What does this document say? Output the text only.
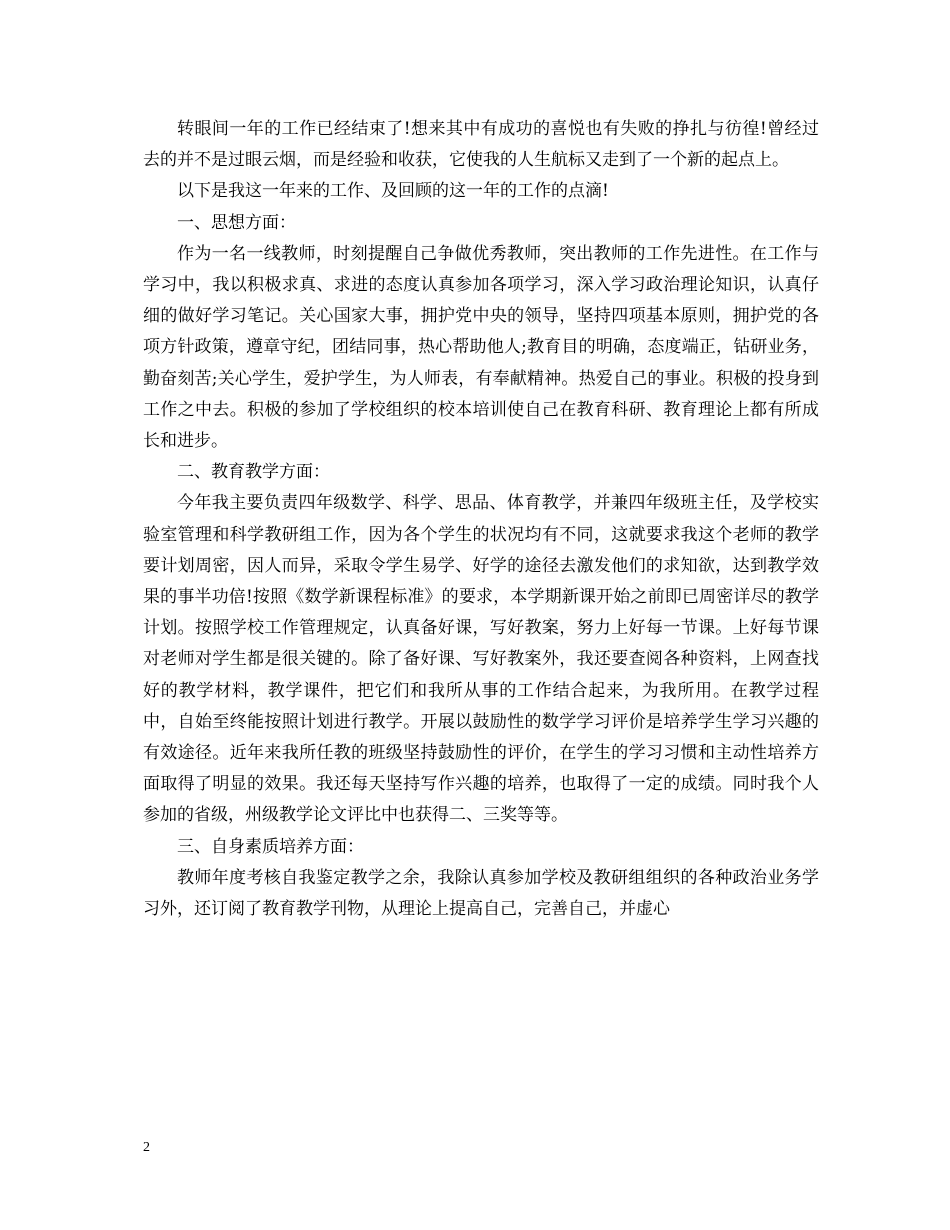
转眼间一年的工作已经结束了!想来其中有成功的喜悦也有失败的挣扎与彷徨!曾经过去的并不是过眼云烟，而是经验和收获，它使我的人生航标又走到了一个新的起点上。

以下是我这一年来的工作、及回顾的这一年的工作的点滴!

一、思想方面：

作为一名一线教师，时刻提醒自己争做优秀教师，突出教师的工作先进性。在工作与学习中，我以积极求真、求进的态度认真参加各项学习，深入学习政治理论知识，认真仔细的做好学习笔记。关心国家大事，拥护党中央的领导，坚持四项基本原则，拥护党的各项方针政策，遵章守纪，团结同事，热心帮助他人;教育目的明确，态度端正，钻研业务，勤奋刻苦;关心学生，爱护学生，为人师表，有奉献精神。热爱自己的事业。积极的投身到工作之中去。积极的参加了学校组织的校本培训使自己在教育科研、教育理论上都有所成长和进步。

二、教育教学方面：

今年我主要负责四年级数学、科学、思品、体育教学，并兼四年级班主任，及学校实验室管理和科学教研组工作，因为各个学生的状况均有不同，这就要求我这个老师的教学要计划周密，因人而异，采取令学生易学、好学的途径去激发他们的求知欲，达到教学效果的事半功倍!按照《数学新课程标准》的要求，本学期新课开始之前即已周密详尽的教学计划。按照学校工作管理规定，认真备好课，写好教案，努力上好每一节课。上好每节课对老师对学生都是很关键的。除了备好课、写好教案外，我还要查阅各种资料，上网查找好的教学材料，教学课件，把它们和我所从事的工作结合起来，为我所用。在教学过程中，自始至终能按照计划进行教学。开展以鼓励性的数学学习评价是培养学生学习兴趣的有效途径。近年来我所任教的班级坚持鼓励性的评价，在学生的学习习惯和主动性培养方面取得了明显的效果。我还每天坚持写作兴趣的培养，也取得了一定的成绩。同时我个人参加的省级，州级教学论文评比中也获得二、三奖等等。

三、自身素质培养方面：

教师年度考核自我鉴定教学之余，我除认真参加学校及教研组组织的各种政治业务学习外，还订阅了教育教学刊物，从理论上提高自己，完善自己，并虚心

2
